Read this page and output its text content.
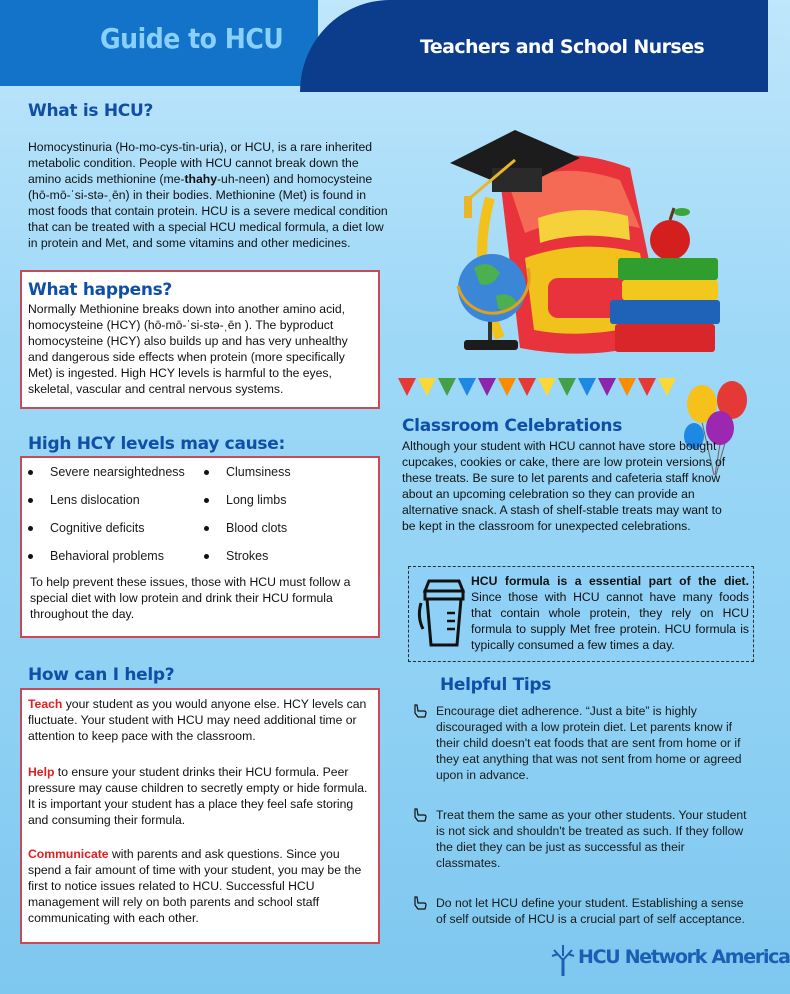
Guide to HCU	Teachers and School Nurses
What is HCU?
Homocystinuria (Ho-mo-cys-tin-uria), or HCU, is a rare inherited metabolic condition. People with HCU cannot break down the amino acids methionine (me-thahy-uh-neen) and homocysteine (hō-mō-ˈsi-stə-ˌēn) in their bodies. Methionine (Met) is found in most foods that contain protein. HCU is a severe medical condition that can be treated with a special HCU medical formula, a diet low in protein and Met, and some vitamins and other medicines.
What happens?
Normally Methionine breaks down into another amino acid, homocysteine (HCY) (hō-mō-ˈsi-stə-ˌēn ). The byproduct homocysteine (HCY) also builds up and has very unhealthy and dangerous side effects when protein (more specifically Met) is ingested. High HCY levels is harmful to the eyes, skeletal, vascular and central nervous systems.
Classroom Celebrations
Although your student with HCU cannot have store bought cupcakes, cookies or cake, there are low protein versions of these treats. Be sure to let parents and cafeteria staff know about an upcoming celebration so they can provide an alternative snack. A stash of shelf-stable treats may want to be kept in the classroom for unexpected celebrations.
High HCY levels may cause:
Severe nearsightedness
Lens dislocation
Cognitive deficits
Behavioral problems
Clumsiness
Long limbs
Blood clots
Strokes
To help prevent these issues, those with HCU must follow a special diet with low protein and drink their HCU formula throughout the day.
HCU formula is a essential part of the diet. Since those with HCU cannot have many foods that contain whole protein, they rely on HCU formula to supply Met free protein. HCU formula is typically consumed a few times a day.
How can I help?
Teach your student as you would anyone else. HCY levels can fluctuate. Your student with HCU may need additional time or attention to keep pace with the classroom.
Help to ensure your student drinks their HCU formula. Peer pressure may cause children to secretly empty or hide formula. It is important your student has a place they feel safe storing and consuming their formula.
Communicate with parents and ask questions. Since you spend a fair amount of time with your student, you may be the first to notice issues related to HCU. Successful HCU management will rely on both parents and school staff communicating with each other.
Helpful Tips
Encourage diet adherence. “Just a bite” is highly discouraged with a low protein diet. Let parents know if their child doesn't eat foods that are sent from home or if they eat anything that was not sent from home or agreed upon in advance.
Treat them the same as your other students. Your student is not sick and shouldn't be treated as such. If they follow the diet they can be just as successful as their classmates.
Do not let HCU define your student. Establishing a sense of self outside of HCU is a crucial part of self acceptance.
HCU Network America
